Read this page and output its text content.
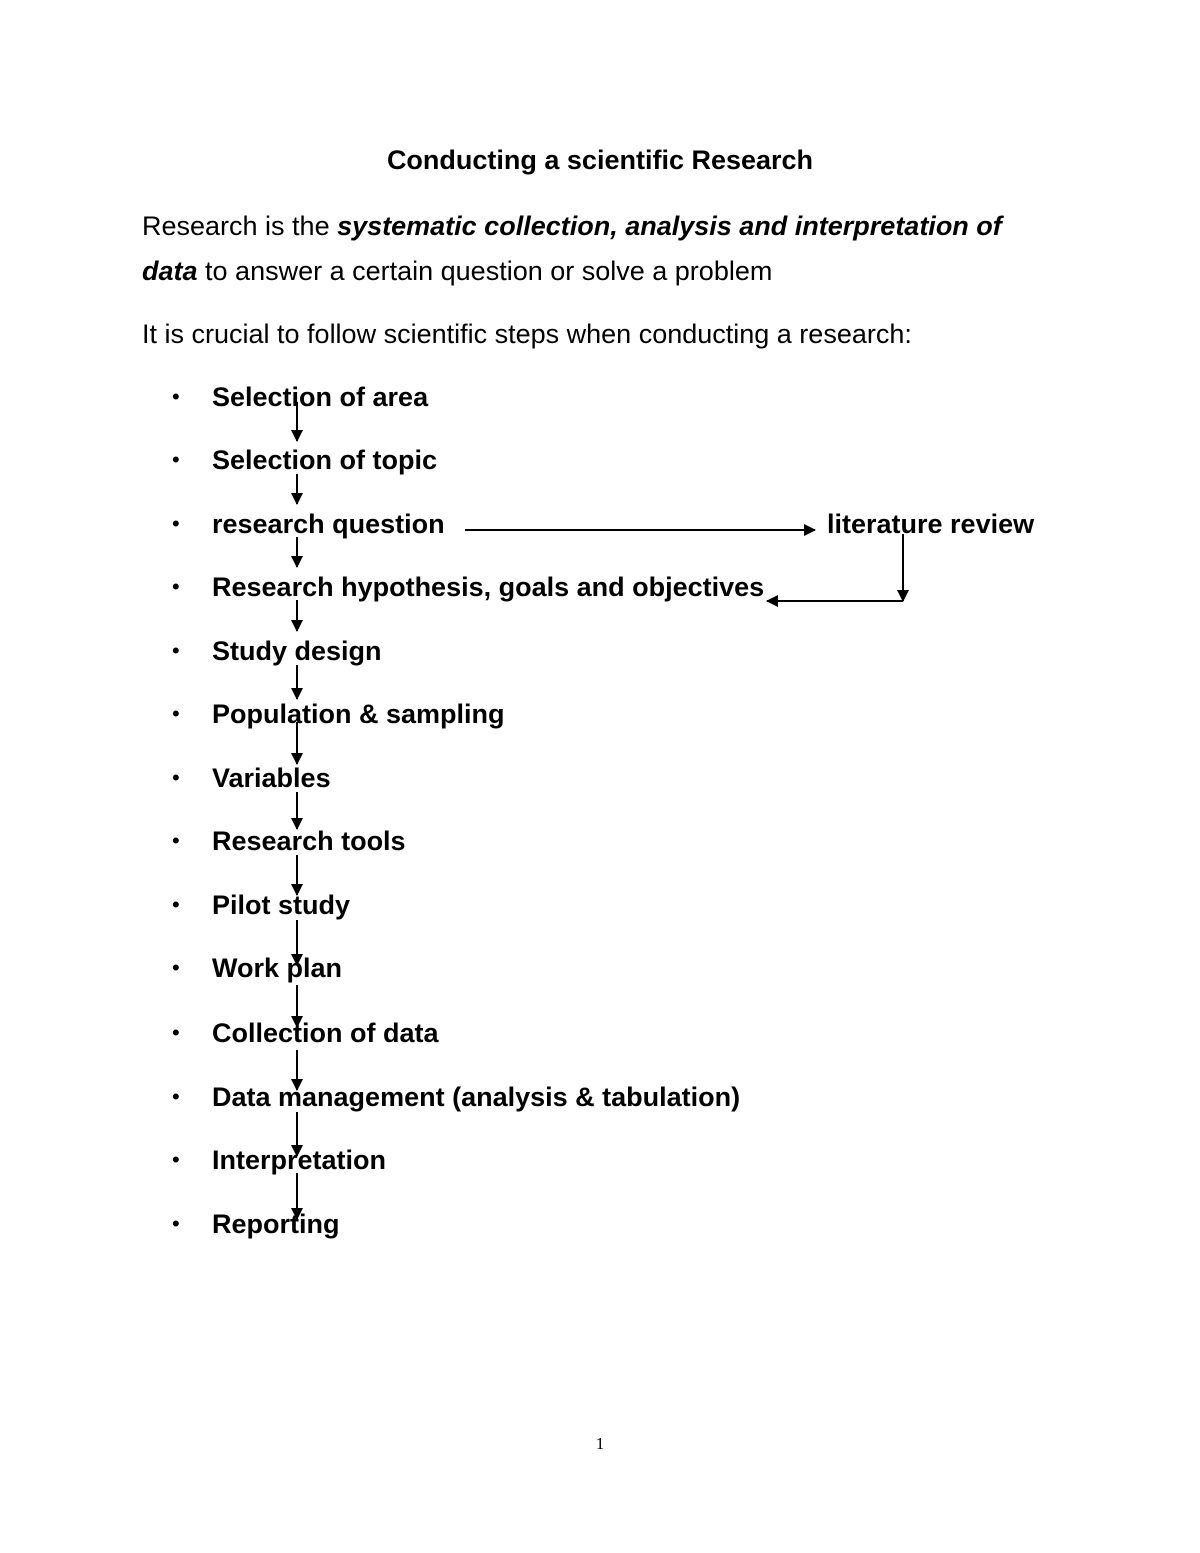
Conducting a scientific Research
Research is the systematic collection, analysis and interpretation of data to answer a certain question or solve a problem
It is crucial to follow scientific steps when conducting a research:
•	Selection of area
•	Selection of topic
•	research question
•	Research hypothesis, goals and objectives
•	Study design
•	Population & sampling
•	Variables
•	Research tools
•	Pilot study
•	Work plan
•	Collection of data
•	Data management (analysis & tabulation)
•	Interpretation
•	Reporting
literature review
1
